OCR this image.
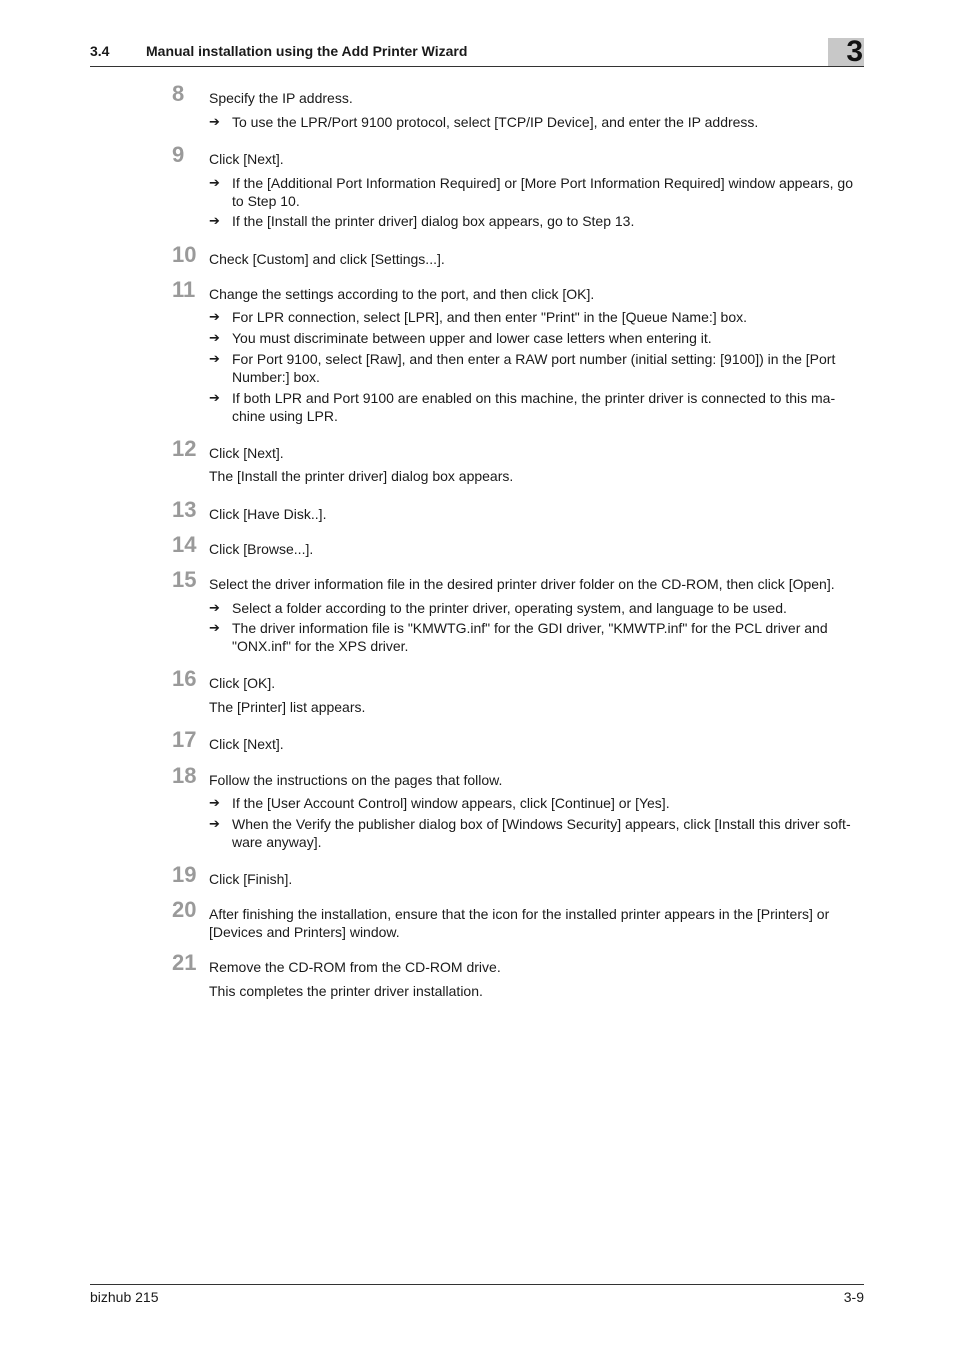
3.4	Manual installation using the Add Printer Wizard	3
8	Specify the IP address.
➔ To use the LPR/Port 9100 protocol, select [TCP/IP Device], and enter the IP address.
9	Click [Next].
➔ If the [Additional Port Information Required] or [More Port Information Required] window appears, go to Step 10.
➔ If the [Install the printer driver] dialog box appears, go to Step 13.
10 Check [Custom] and click [Settings...].
11 Change the settings according to the port, and then click [OK].
➔ For LPR connection, select [LPR], and then enter "Print" in the [Queue Name:] box.
➔ You must discriminate between upper and lower case letters when entering it.
➔ For Port 9100, select [Raw], and then enter a RAW port number (initial setting: [9100]) in the [Port Number:] box.
➔ If both LPR and Port 9100 are enabled on this machine, the printer driver is connected to this ma-chine using LPR.
12 Click [Next].
The [Install the printer driver] dialog box appears.
13 Click [Have Disk..].
14 Click [Browse...].
15 Select the driver information file in the desired printer driver folder on the CD-ROM, then click [Open].
➔ Select a folder according to the printer driver, operating system, and language to be used.
➔ The driver information file is "KMWTG.inf" for the GDI driver, "KMWTP.inf" for the PCL driver and "ONX.inf" for the XPS driver.
16 Click [OK].
The [Printer] list appears.
17 Click [Next].
18 Follow the instructions on the pages that follow.
➔ If the [User Account Control] window appears, click [Continue] or [Yes].
➔ When the Verify the publisher dialog box of [Windows Security] appears, click [Install this driver soft-ware anyway].
19 Click [Finish].
20 After finishing the installation, ensure that the icon for the installed printer appears in the [Printers] or [Devices and Printers] window.
21 Remove the CD-ROM from the CD-ROM drive.
This completes the printer driver installation.
bizhub 215	3-9
